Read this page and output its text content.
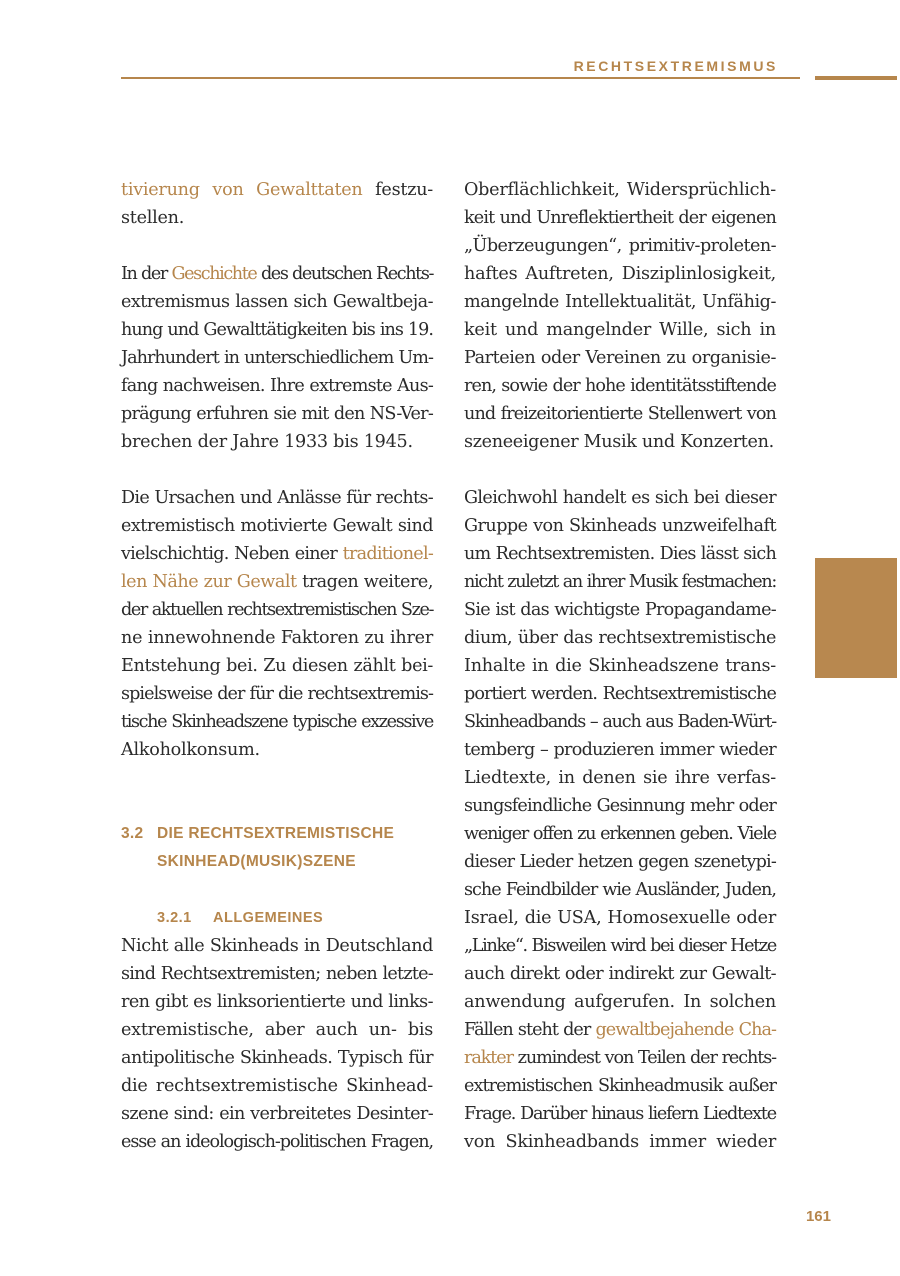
RECHTSEXTREMISMUS
tivierung von Gewalttaten festzu-
stellen.
In der Geschichte des deutschen Rechts-
extremismus lassen sich Gewaltbeja-
hung und Gewalttätigkeiten bis ins 19.
Jahrhundert in unterschiedlichem Um-
fang nachweisen. Ihre extremste Aus-
prägung erfuhren sie mit den NS-Ver-
brechen der Jahre 1933 bis 1945.
Die Ursachen und Anlässe für rechts-
extremistisch motivierte Gewalt sind
vielschichtig. Neben einer traditionel-
len Nähe zur Gewalt tragen weitere,
der aktuellen rechtsextremistischen Sze-
ne innewohnende Faktoren zu ihrer
Entstehung bei. Zu diesen zählt bei-
spielsweise der für die rechtsextremis-
tische Skinheadszene typische exzessive
Alkoholkonsum.
3.2 DIE RECHTSEXTREMISTISCHE
SKINHEAD(MUSIK)SZENE
3.2.1 ALLGEMEINES
Nicht alle Skinheads in Deutschland
sind Rechtsextremisten; neben letzte-
ren gibt es linksorientierte und links-
extremistische, aber auch un- bis
antipolitische Skinheads. Typisch für
die rechtsextremistische Skinhead-
szene sind: ein verbreitetes Desinter-
esse an ideologisch-politischen Fragen,
Oberflächlichkeit, Widersprüchlich-
keit und Unreflektiertheit der eigenen
„Überzeugungen“, primitiv-proleten-
haftes Auftreten, Disziplinlosigkeit,
mangelnde Intellektualität, Unfähig-
keit und mangelnder Wille, sich in
Parteien oder Vereinen zu organisie-
ren, sowie der hohe identitätsstiftende
und freizeitorientierte Stellenwert von
szeneeigener Musik und Konzerten.
Gleichwohl handelt es sich bei dieser
Gruppe von Skinheads unzweifelhaft
um Rechtsextremisten. Dies lässt sich
nicht zuletzt an ihrer Musik festmachen:
Sie ist das wichtigste Propagandame-
dium, über das rechtsextremistische
Inhalte in die Skinheadszene trans-
portiert werden. Rechtsextremistische
Skinheadbands – auch aus Baden-Würt-
temberg – produzieren immer wieder
Liedtexte, in denen sie ihre verfas-
sungsfeindliche Gesinnung mehr oder
weniger offen zu erkennen geben. Viele
dieser Lieder hetzen gegen szenetypi-
sche Feindbilder wie Ausländer, Juden,
Israel, die USA, Homosexuelle oder
„Linke“. Bisweilen wird bei dieser Hetze
auch direkt oder indirekt zur Gewalt-
anwendung aufgerufen. In solchen
Fällen steht der gewaltbejahende Cha-
rakter zumindest von Teilen der rechts-
extremistischen Skinheadmusik außer
Frage. Darüber hinaus liefern Liedtexte
von Skinheadbands immer wieder
161
